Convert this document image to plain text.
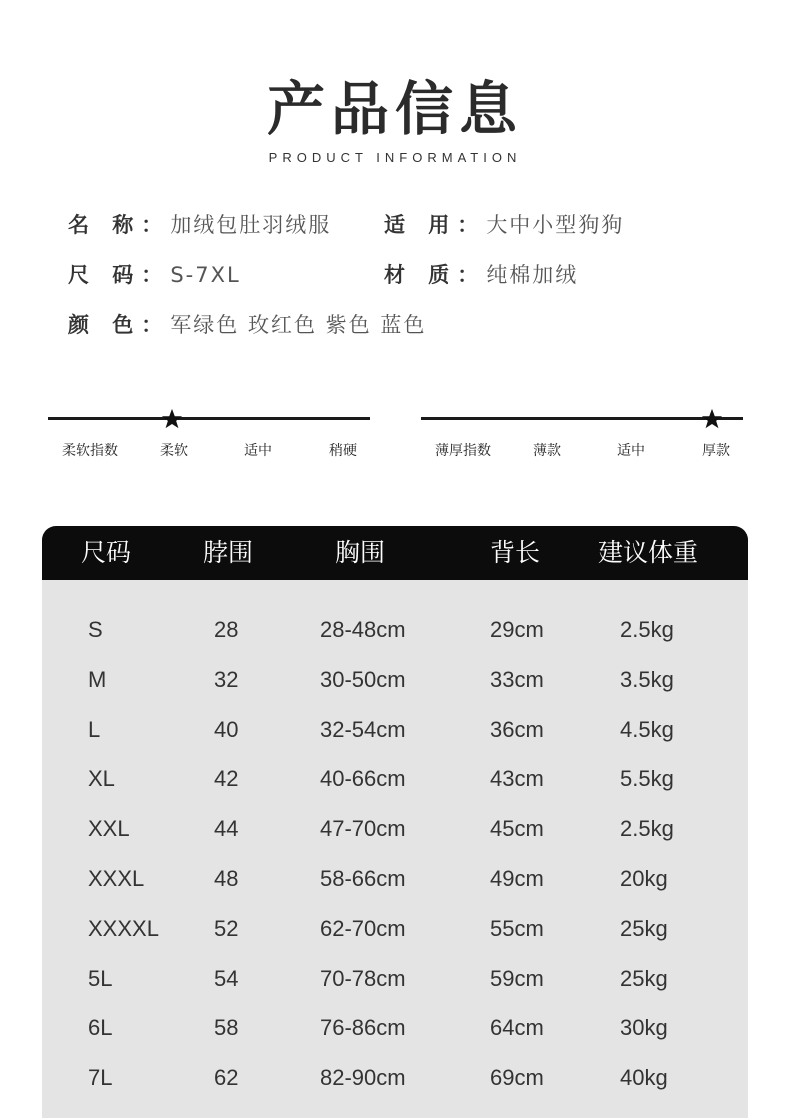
产品信息
PRODUCT INFORMATION
名 称：加绒包肚羽绒服	适 用：大中小型狗狗
尺 码：S-7XL	材 质：纯棉加绒
颜 色：军绿色 玫红色 紫色 蓝色
柔软指数	柔软	适中	稍硬	薄厚指数	薄款	适中	厚款
尺码	脖围	胸围	背长 建议体重
S	28	28-48cm	29cm	2.5kg
M	32	30-50cm	33cm	3.5kg
L	40	32-54cm	36cm	4.5kg
XL	42	40-66cm	43cm	5.5kg
XXL	44	47-70cm	45cm	2.5kg
XXXL	48	58-66cm	49cm	20kg
XXXXL	52	62-70cm	55cm	25kg
5L	54	70-78cm	59cm	25kg
6L	58	76-86cm	64cm	30kg
7L	62	82-90cm	69cm	40kg
